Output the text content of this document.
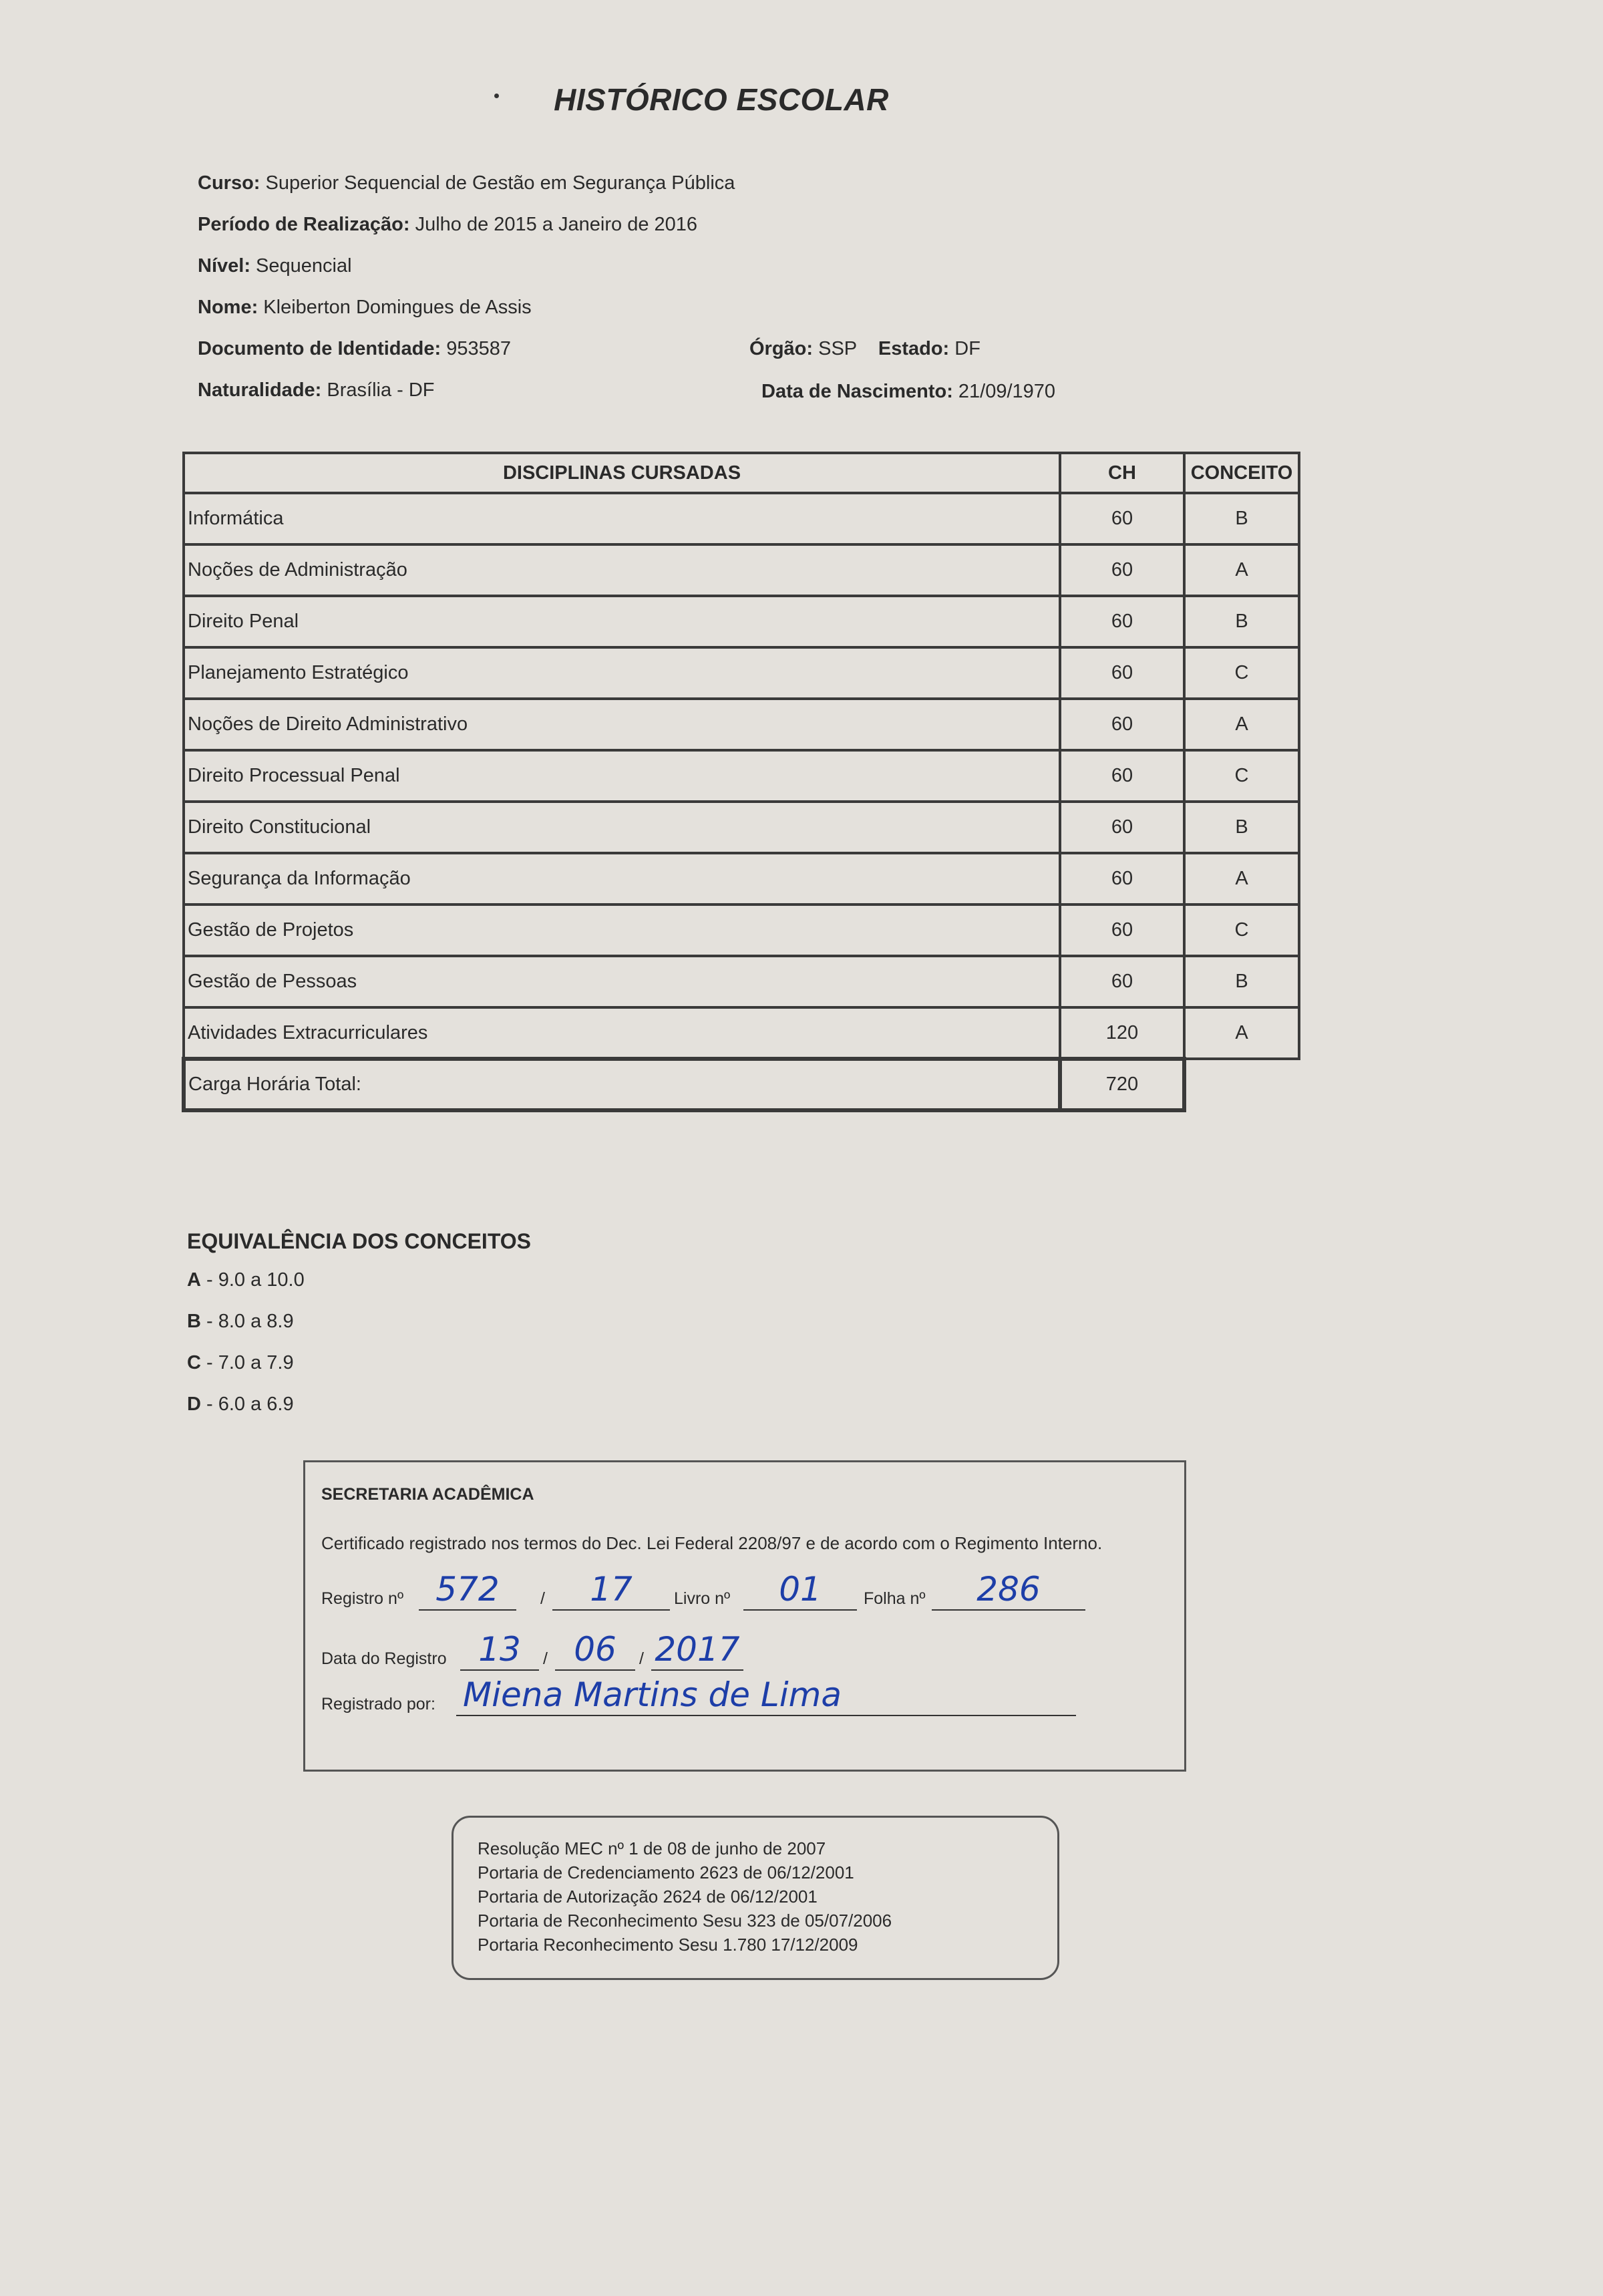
HISTÓRICO ESCOLAR
Curso: Superior Sequencial de Gestão em Segurança Pública
Período de Realização: Julho de 2015 a Janeiro de 2016
Nível: Sequencial
Nome: Kleiberton Domingues de Assis
Documento de Identidade: 953587	Órgão: SSP Estado: DF
Naturalidade: Brasília - DF	Data de Nascimento: 21/09/1970
DISCIPLINAS CURSADAS	CH	CONCEITO
Informática	60	B
Noções de Administração	60	A
Direito Penal	60	B
Planejamento Estratégico	60	C
Noções de Direito Administrativo	60	A
Direito Processual Penal	60	C
Direito Constitucional	60	B
Segurança da Informação	60	A
Gestão de Projetos	60	C
Gestão de Pessoas	60	B
Atividades Extracurriculares	120	A
Carga Horária Total:	720	
EQUIVALÊNCIA DOS CONCEITOS
A - 9.0 a 10.0
B - 8.0 a 8.9
C - 7.0 a 7.9
D - 6.0 a 6.9
SECRETARIA ACADÊMICA
Certificado registrado nos termos do Dec. Lei Federal 2208/97 e de acordo com o Regimento Interno.
Registro nº 572	/	17	Livro nº	01	Folha nº	286
Data do Registro 13	/ 06	/ 2017
Registrado por: Miena Martins de Lima
Resolução MEC nº 1 de 08 de junho de 2007
Portaria de Credenciamento 2623 de 06/12/2001
Portaria de Autorização 2624 de 06/12/2001
Portaria de Reconhecimento Sesu 323 de 05/07/2006
Portaria Reconhecimento Sesu 1.780 17/12/2009
